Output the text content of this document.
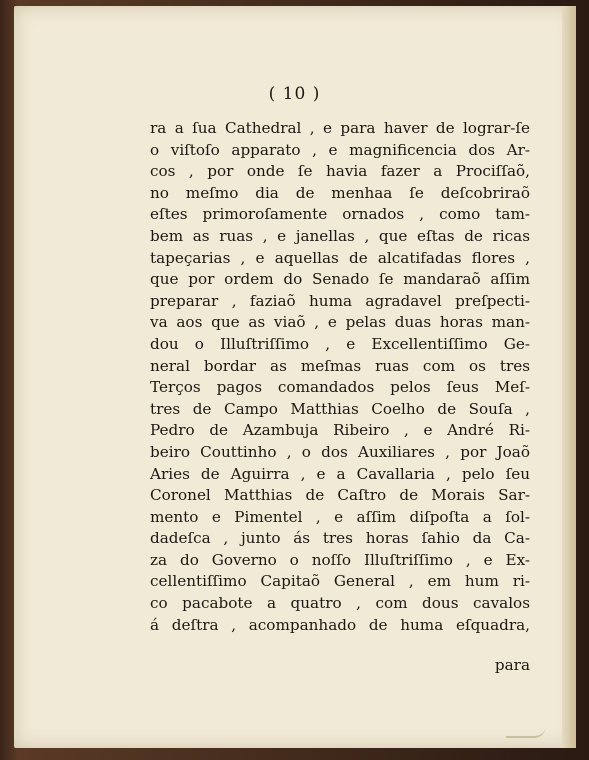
( 10 )
ra a ſua Cathedral , e para haver de lograr-ſe
o viſtoſo apparato , e magnificencia dos Ar-
cos , por onde ſe havia fazer a Prociſſaõ,
no meſmo dia de menhaa ſe deſcobriraõ
eſtes primoroſamente ornados , como tam-
bem as ruas , e janellas , que eſtas de ricas
tapeçarias , e aquellas de alcatifadas flores ,
que por ordem do Senado ſe mandaraõ aſſim
preparar , faziaõ huma agradavel preſpecti-
va aos que as viaõ , e pelas duas horas man-
dou o Illuſtriſſimo , e Excellentiſſimo Ge-
neral bordar as meſmas ruas com os tres
Terços pagos comandados pelos ſeus Meſ-
tres de Campo Matthias Coelho de Souſa ,
Pedro de Azambuja Ribeiro , e André Ri-
beiro Couttinho , o dos Auxiliares , por Joaõ
Aries de Aguirra , e a Cavallaria , pelo ſeu
Coronel Matthias de Caſtro de Morais Sar-
mento e Pimentel , e aſſim diſpoſta a ſol-
dadeſca , junto ás tres horas ſahio da Ca-
za do Governo o noſſo Illuſtriſſimo , e Ex-
cellentiſſimo Capitaõ General , em hum ri-
co pacabote a quatro , com dous cavalos
á deſtra , acompanhado de huma eſquadra,
para
